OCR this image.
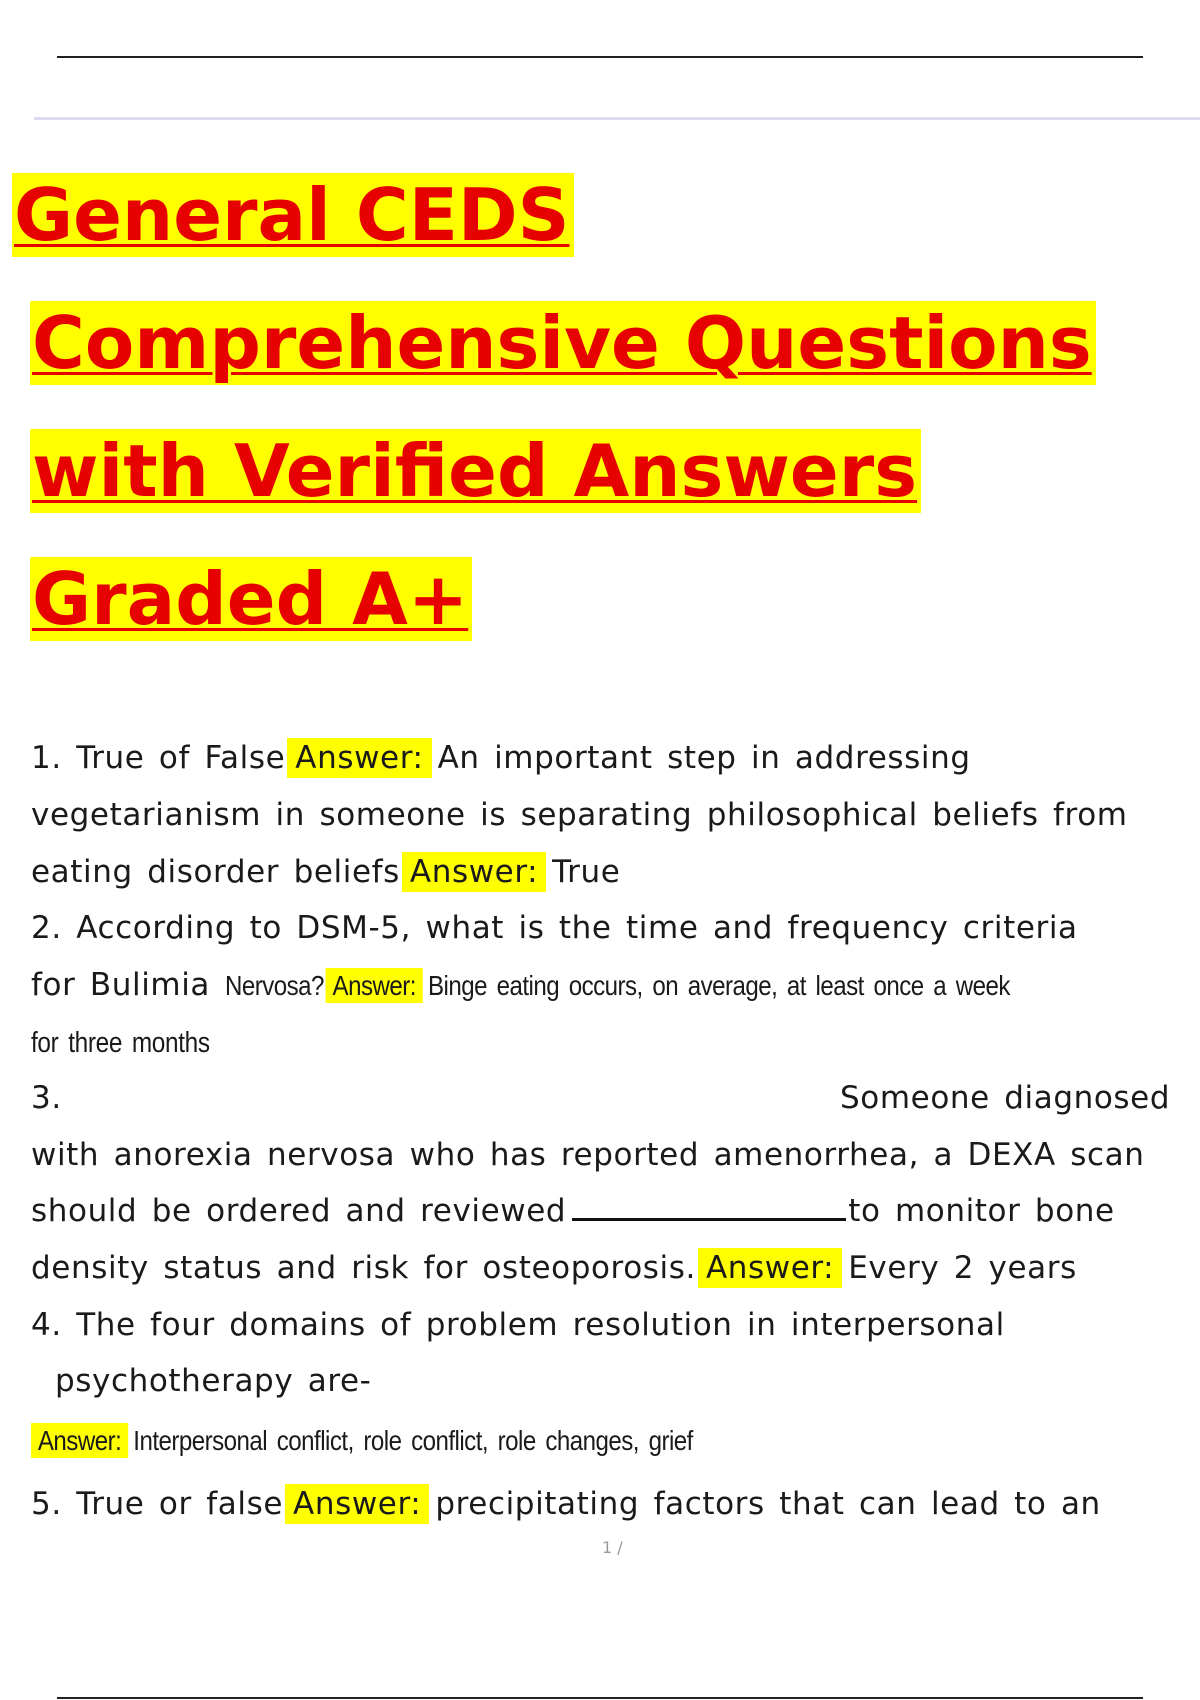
General CEDS
Comprehensive Questions
with Verified Answers
Graded A+
1. True of False Answer: An important step in addressing
vegetarianism in someone is separating philosophical beliefs from
eating disorder beliefs Answer: True
2. According to DSM-5, what is the time and frequency criteria
for Bulimia Nervosa? Answer: Binge eating occurs, on average, at least once a week
for three months
3.	Someone diagnosed
with anorexia nervosa who has reported amenorrhea, a DEXA scan
should be ordered and reviewed	to monitor bone
density status and risk for osteoporosis. Answer: Every 2 years
4. The four domains of problem resolution in interpersonal
psychotherapy are-
Answer: Interpersonal conflict, role conflict, role changes, grief
5. True or false Answer: precipitating factors that can lead to an
1 /
